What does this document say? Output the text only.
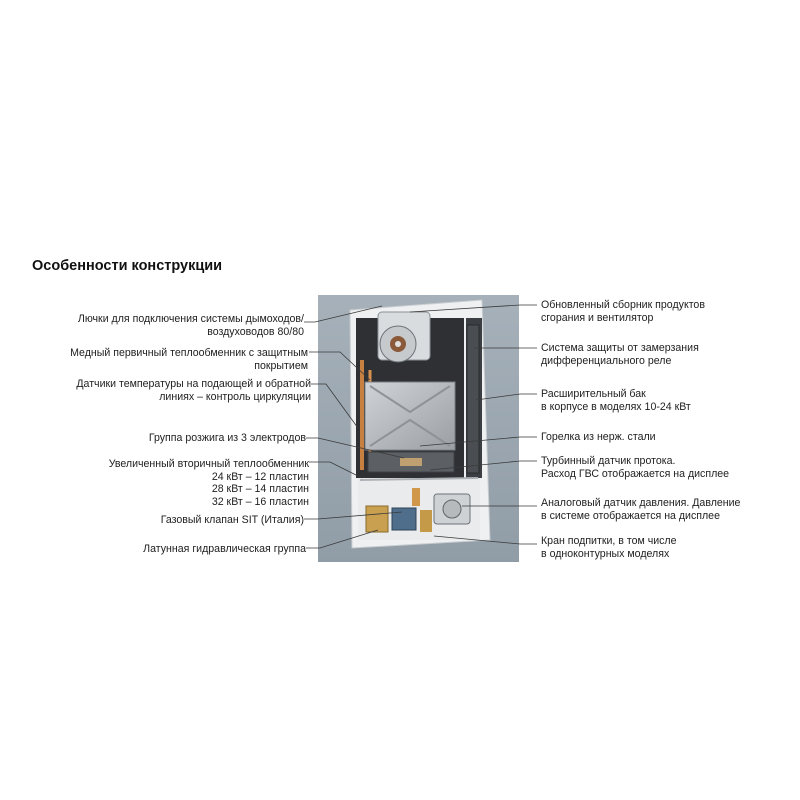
Особенности конструкции
Лючки для подключения системы дымоходов/
воздуховодов 80/80
Медный первичный теплообменник с защитным
покрытием
Датчики температуры на подающей и обратной
линиях – контроль циркуляции
Группа розжига из 3 электродов
Увеличенный вторичный теплообменник
24 кВт – 12 пластин
28 кВт – 14 пластин
32 кВт – 16 пластин
Газовый клапан SIT (Италия)
Латунная гидравлическая группа
Обновленный сборник продуктов
сгорания и вентилятор
Система защиты от замерзания
дифференциального реле
Расширительный бак
в корпусе в моделях 10-24 кВт
Горелка из нерж. стали
Турбинный датчик протока.
Расход ГВС отображается на дисплее
Аналоговый датчик давления. Давление
в системе отображается на дисплее
Кран подпитки, в том числе
в одноконтурных моделях
